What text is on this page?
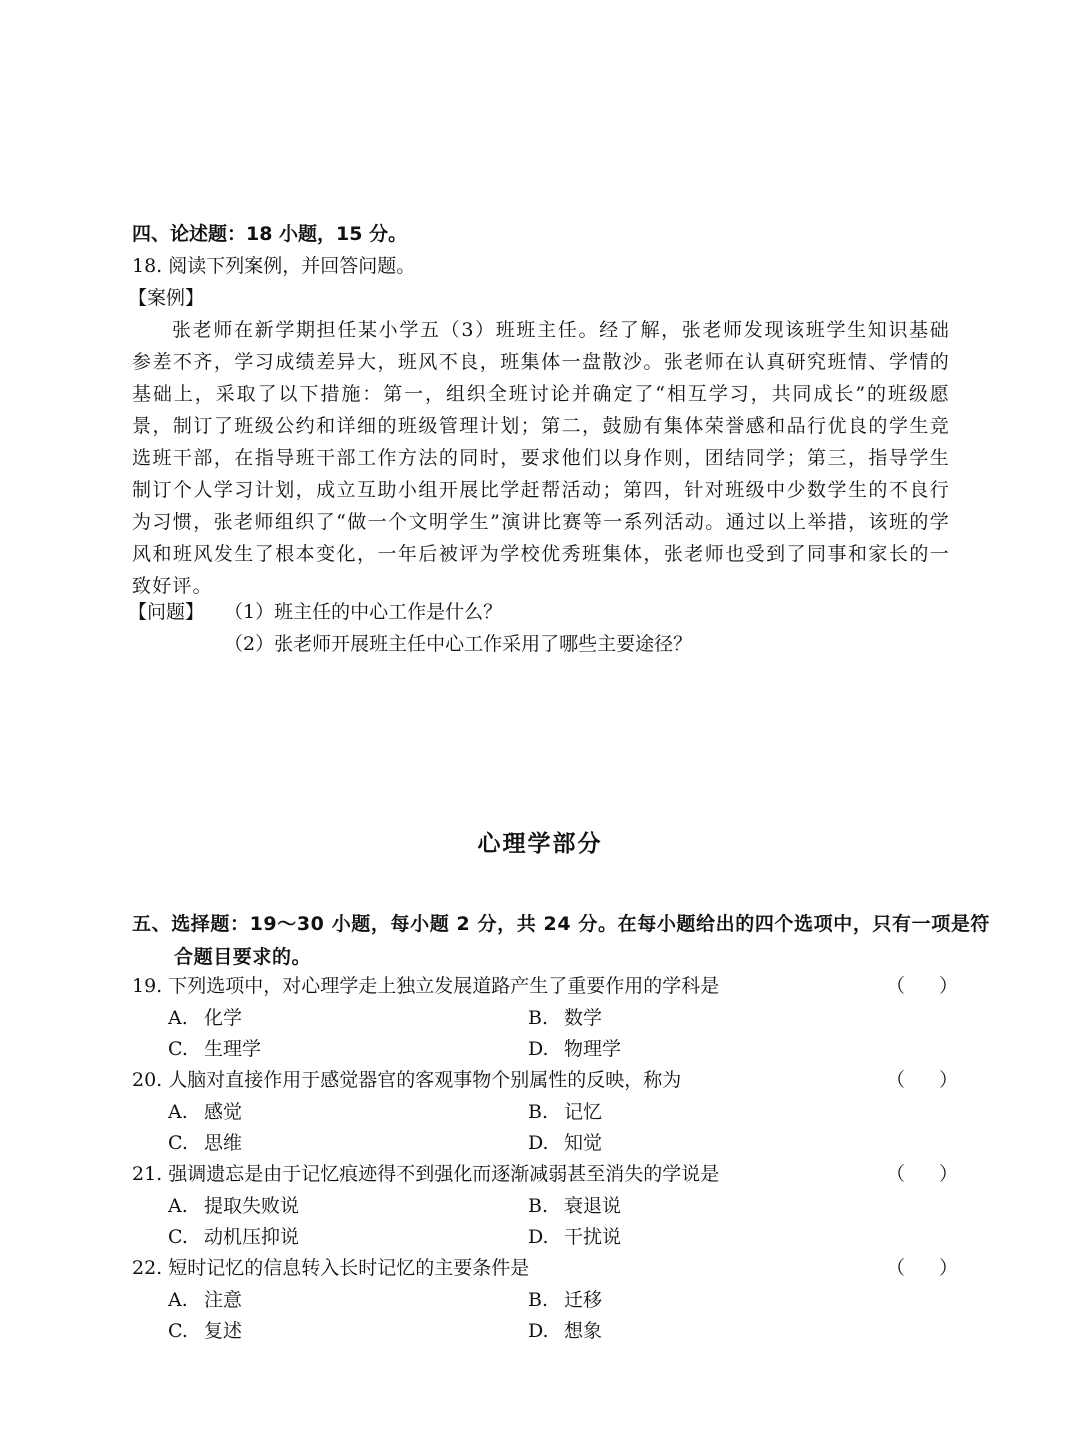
四、论述题：18 小题，15 分。
18. 阅读下列案例，并回答问题。
【案例】
张老师在新学期担任某小学五（3）班班主任。经了解，张老师发现该班学生知识基础参差不齐，学习成绩差异大，班风不良，班集体一盘散沙。张老师在认真研究班情、学情的基础上，采取了以下措施：第一，组织全班讨论并确定了“相互学习，共同成长”的班级愿景，制订了班级公约和详细的班级管理计划；第二，鼓励有集体荣誉感和品行优良的学生竞选班干部，在指导班干部工作方法的同时，要求他们以身作则，团结同学；第三，指导学生制订个人学习计划，成立互助小组开展比学赶帮活动；第四，针对班级中少数学生的不良行为习惯，张老师组织了“做一个文明学生”演讲比赛等一系列活动。通过以上举措，该班的学风和班风发生了根本变化，一年后被评为学校优秀班集体，张老师也受到了同事和家长的一致好评。
【问题】 （1）班主任的中心工作是什么？
（2）张老师开展班主任中心工作采用了哪些主要途径？
心理学部分
五、选择题：19～30 小题，每小题 2 分，共 24 分。在每小题给出的四个选项中，只有一项是符合题目要求的。
19. 下列选项中，对心理学走上独立发展道路产生了重要作用的学科是	（ ）
A. 化学	B. 数学
C. 生理学	D. 物理学
20. 人脑对直接作用于感觉器官的客观事物个别属性的反映，称为	（ ）
A. 感觉	B. 记忆
C. 思维	D. 知觉
21. 强调遗忘是由于记忆痕迹得不到强化而逐渐减弱甚至消失的学说是	（ ）
A. 提取失败说	B. 衰退说
C. 动机压抑说	D. 干扰说
22. 短时记忆的信息转入长时记忆的主要条件是	（ ）
A. 注意	B. 迁移
C. 复述	D. 想象
